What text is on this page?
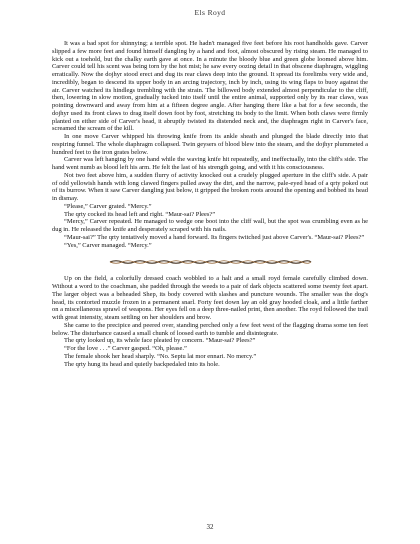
Els Royd

It was a bad spot for shinnying; a terrible spot. He hadn't managed five feet before his root handholds gave. Carver slipped a few more feet and found himself dangling by a hand and foot, almost obscured by rising steam. He managed to kick out a toehold, but the chalky earth gave at once. In a minute the bloody blue and green globe loomed above him. Carver could tell his scent was being torn by the hot mist; he saw every oozing detail in that obscene diaphragm, wiggling erratically. Now the dojhyr stood erect and dug its rear claws deep into the ground. It spread its forelimbs very wide and, incredibly, began to descend its upper body in an arcing trajectory, inch by inch, using its wing flaps to buoy against the air. Carver watched its hindlegs trembling with the strain. The billowed body extended almost perpendicular to the cliff, then, lowering in slow motion, gradually tucked into itself until the entire animal, supported only by its rear claws, was pointing downward and away from him at a fifteen degree angle. After hanging there like a bat for a few seconds, the dojhyr used its front claws to drag itself down foot by foot, stretching its body to the limit. When both claws were firmly planted on either side of Carver's head, it abruptly twisted its distended neck and, the diaphragm right in Carver's face, screamed the scream of the kill.

In one move Carver whipped his throwing knife from its ankle sheath and plunged the blade directly into that respiring funnel. The whole diaphragm collapsed. Twin geysers of blood blew into the steam, and the dojhyr plummeted a hundred feet to the iron grates below.

Carver was left hanging by one hand while the waving knife hit repeatedly, and ineffectually, into the cliff's side. The hand went numb as blood left his arm. He felt the last of his strength going, and with it his consciousness.

Not two feet above him, a sudden flurry of activity knocked out a crudely plugged aperture in the cliff's side. A pair of odd yellowish hands with long clawed fingers pulled away the dirt, and the narrow, pale-eyed head of a qrty poked out of its burrow. When it saw Carver dangling just below, it gripped the broken roots around the opening and bobbed its head in dismay.

“Please,” Carver grated. “Mercy.”

The qrty cocked its head left and right. “Maur-sai? Plees?”

“Mercy,” Carver repeated. He managed to wedge one boot into the cliff wall, but the spot was crumbling even as he dug in. He released the knife and desperately scraped with his nails.

“Maur-sai?” The qrty tentatively moved a hand forward. Its fingers twitched just above Carver's. “Maur-sai? Plees?”

“Yes,” Carver managed. “Mercy.”

Up on the field, a colorfully dressed coach wobbled to a halt and a small royd female carefully climbed down. Without a word to the coachman, she padded through the weeds to a pair of dark objects scattered some twenty feet apart. The larger object was a beheaded Shep, its body covered with slashes and puncture wounds. The smaller was the dog's head, its contorted muzzle frozen in a permanent snarl. Forty feet down lay an old gray hooded cloak, and a little farther on a miscellaneous sprawl of weapons. Her eyes fell on a deep three-nailed print, then another. The royd followed the trail with great intensity, steam settling on her shoulders and brow.

She came to the precipice and peered over, standing perched only a few feet west of the flagging drama some ten feet below. The disturbance caused a small chunk of loosed earth to tumble and disintegrate.

The qrty looked up, its whole face pleated by concern. “Maur-sai? Plees?”

“For the love . . .” Carver gasped. “Oh, please.”

The female shook her head sharply. “No. Septu lai mor ennari. No mercy.”

The qrty hung its head and quietly backpedaled into its hole.

32
